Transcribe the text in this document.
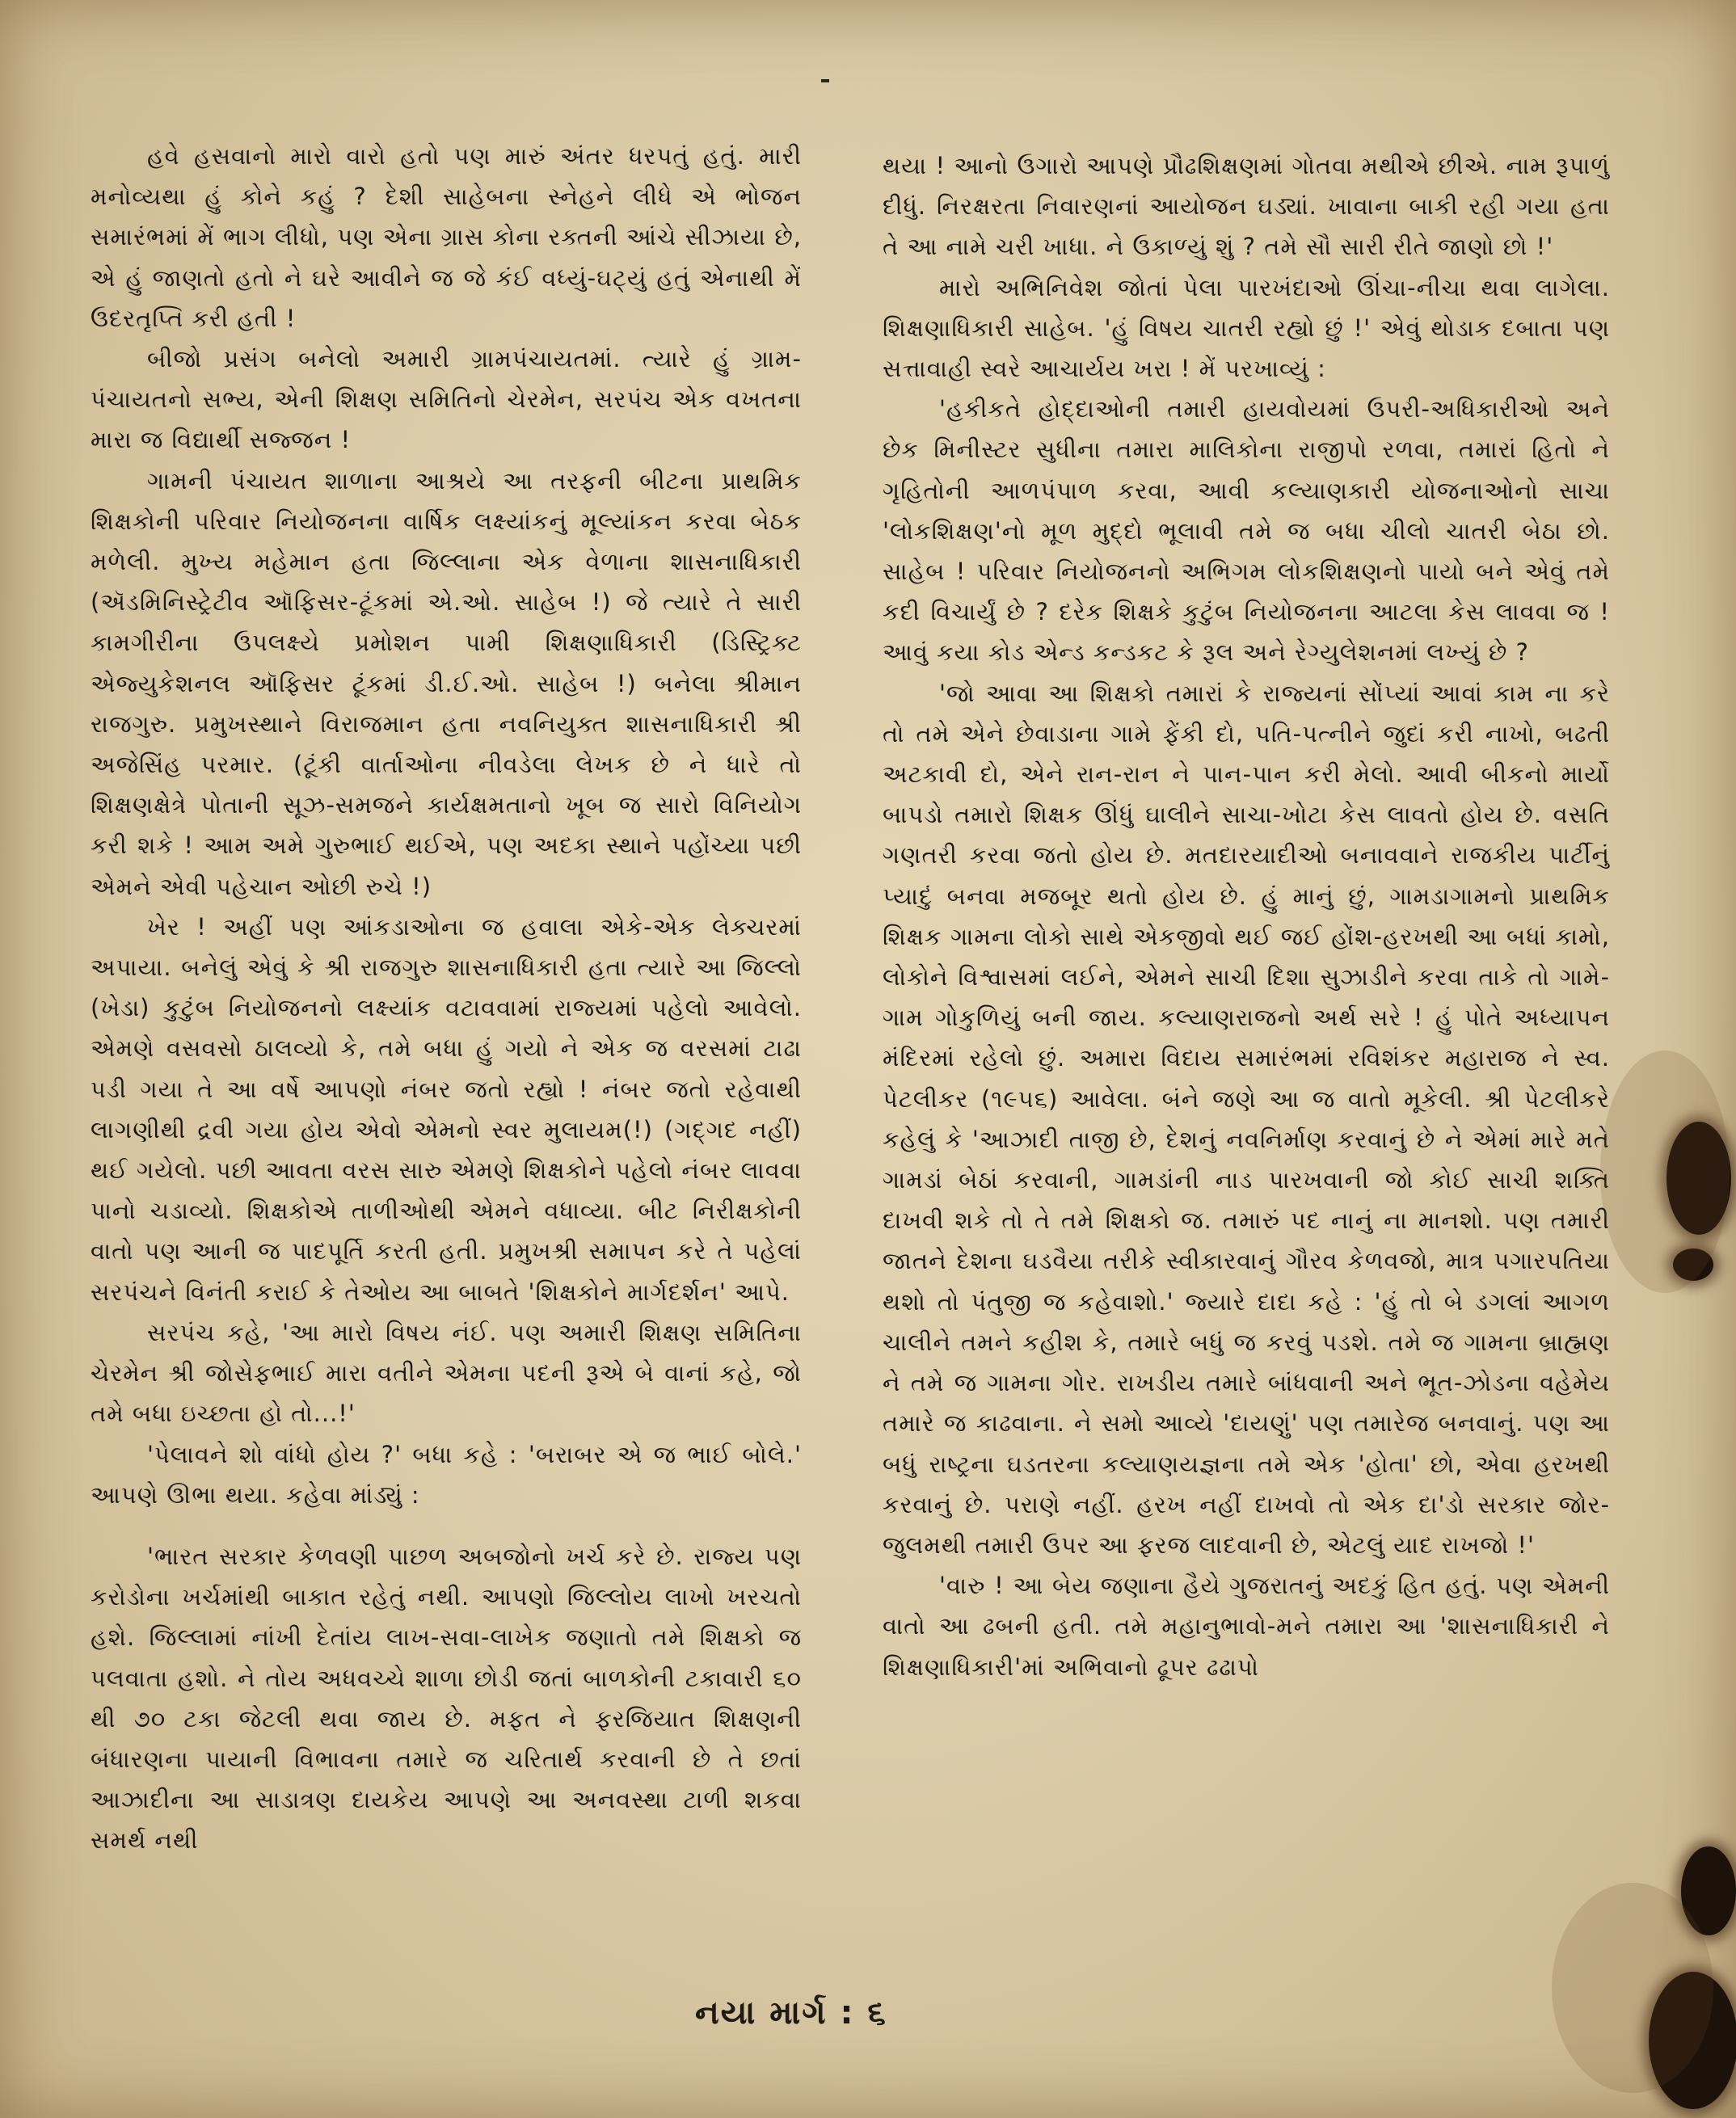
હવે હસવાનો મારો વારો હતો પણ મારું અંતર ધરપતું હતું. મારી મનોવ્યથા હું કોને કહું ? દેશી સાહેબના સ્નેહને લીધે એ ભોજન સમારંભમાં મેં ભાગ લીધો, પણ એના ગ્રાસ કોના રક્તની આંચે સીઝાયા છે, એ હું જાણતો હતો ને ઘરે આવીને જ જે કંઈ વધ્યું-ઘટ્યું હતું એનાથી મેં ઉદરતૃપ્તિ કરી હતી !

બીજો પ્રસંગ બનેલો અમારી ગ્રામપંચાયતમાં. ત્યારે હું ગ્રામ-પંચાયતનો સભ્ય, એની શિક્ષણ સમિતિનો ચેરમેન, સરપંચ એક વખતના મારા જ વિદ્યાર્થી સજ્જન !

ગામની પંચાયત શાળાના આશ્રયે આ તરફની બીટના પ્રાથમિક શિક્ષકોની પરિવાર નિયોજનના વાર્ષિક લક્ષ્યાંકનું મૂલ્યાંકન કરવા બેઠક મળેલી. મુખ્ય મહેમાન હતા જિલ્લાના એક વેળાના શાસનાધિકારી (ઍડમિનિસ્ટ્રેટીવ ઑફિસર-ટૂંકમાં એ.ઓ. સાહેબ !) જે ત્યારે તે સારી કામગીરીના ઉપલક્ષ્યે પ્રમોશન પામી શિક્ષણાધિકારી (ડિસ્ટ્રિક્ટ એજ્યુકેશનલ ઑફિસર ટૂંકમાં ડી.ઈ.ઓ. સાહેબ !) બનેલા શ્રીમાન રાજગુરુ. પ્રમુખસ્થાને વિરાજમાન હતા નવનિયુક્ત શાસનાધિકારી શ્રી અજેસિંહ પરમાર. (ટૂંકી વાર્તાઓના નીવડેલા લેખક છે ને ધારે તો શિક્ષણક્ષેત્રે પોતાની સૂઝ-સમજને કાર્યક્ષમતાનો ખૂબ જ સારો વિનિયોગ કરી શકે ! આમ અમે ગુરુભાઈ થઈએ, પણ અદકા સ્થાને પહોંચ્યા પછી એમને એવી પહેચાન ઓછી રુચે !)

ખેર ! અહીં પણ આંકડાઓના જ હવાલા એકે-એક લેક્ચરમાં અપાયા. બનેલું એવું કે શ્રી રાજગુરુ શાસનાધિકારી હતા ત્યારે આ જિલ્લો (ખેડા) કુટુંબ નિયોજનનો લક્ષ્યાંક વટાવવામાં રાજ્યમાં પહેલો આવેલો. એમણે વસવસો ઠાલવ્યો કે, તમે બધા હું ગયો ને એક જ વરસમાં ટાઢા પડી ગયા તે આ વર્ષે આપણો નંબર જતો રહ્યો ! નંબર જતો રહેવાથી લાગણીથી દ્રવી ગયા હોય એવો એમનો સ્વર મુલાયમ(!) (ગદ્ગદ નહીં) થઈ ગયેલો. પછી આવતા વરસ સારુ એમણે શિક્ષકોને પહેલો નંબર લાવવા પાનો ચડાવ્યો. શિક્ષકોએ તાળીઓથી એમને વધાવ્યા. બીટ નિરીક્ષકોની વાતો પણ આની જ પાદપૂર્તિ કરતી હતી. પ્રમુખશ્રી સમાપન કરે તે પહેલાં સરપંચને વિનંતી કરાઈ કે તેઓય આ બાબતે 'શિક્ષકોને માર્ગદર્શન' આપે.

સરપંચ કહે, 'આ મારો વિષય નંઈ. પણ અમારી શિક્ષણ સમિતિના ચેરમેન શ્રી જોસેફભાઈ મારા વતીને એમના પદની રૂએ બે વાનાં કહે, જો તમે બધા ઇચ્છતા હો તો...!'

'પેલાવને શો વાંધો હોય ?' બધા કહે : 'બરાબર એ જ ભાઈ બોલે.' આપણે ઊભા થયા. કહેવા માંડ્યું :

'ભારત સરકાર કેળવણી પાછળ અબજોનો ખર્ચ કરે છે. રાજ્ય પણ કરોડોના ખર્ચમાંથી બાકાત રહેતું નથી. આપણો જિલ્લોય લાખો ખરચતો હશે. જિલ્લામાં નાંખી દેતાંય લાખ-સવા-લાખેક જણાતો તમે શિક્ષકો જ પલવાતા હશો. ને તોય અધવચ્ચે શાળા છોડી જતાં બાળકોની ટકાવારી ૬૦ થી ૭૦ ટકા જેટલી થવા જાય છે. મફત ને ફરજિયાત શિક્ષણની બંધારણના પાયાની વિભાવના તમારે જ ચરિતાર્થ કરવાની છે તે છતાં આઝાદીના આ સાડાત્રણ દાયકેય આપણે આ અનવસ્થા ટાળી શકવા સમર્થ નથી

થયા ! આનો ઉગારો આપણે પ્રૌઢશિક્ષણમાં ગોતવા મથીએ છીએ. નામ રૂપાળું દીધું. નિરક્ષરતા નિવારણનાં આયોજન ઘડ્યાં. ખાવાના બાકી રહી ગયા હતા તે આ નામે ચરી ખાધા. ને ઉકાળ્યું શું ? તમે સૌ સારી રીતે જાણો છો !'

મારો અભિનિવેશ જોતાં પેલા પારખંદાઓ ઊંચા-નીચા થવા લાગેલા. શિક્ષણાધિકારી સાહેબ. 'હું વિષય ચાતરી રહ્યો છું !' એવું થોડાક દબાતા પણ સત્તાવાહી સ્વરે આચાર્યય ખરા ! મેં પરખાવ્યું :

'હકીકતે હોદ્દાઓની તમારી હાયવોયમાં ઉપરી-અધિકારીઓ અને છેક મિનીસ્ટર સુધીના તમારા માલિકોના રાજીપો રળવા, તમારાં હિતો ને ગૃહિતોની આળપંપાળ કરવા, આવી કલ્યાણકારી યોજનાઓનો સાચા 'લોકશિક્ષણ'નો મૂળ મુદ્દો ભૂલાવી તમે જ બધા ચીલો ચાતરી બેઠા છો. સાહેબ ! પરિવાર નિયોજનનો અભિગમ લોકશિક્ષણનો પાયો બને એવું તમે કદી વિચાર્યું છે ? દરેક શિક્ષકે કુટુંબ નિયોજનના આટલા કેસ લાવવા જ ! આવું કયા કોડ એન્ડ કન્ડકટ કે રૂલ અને રેગ્યુલેશનમાં લખ્યું છે ?

'જો આવા આ શિક્ષકો તમારાં કે રાજ્યનાં સોંપ્યાં આવાં કામ ના કરે તો તમે એને છેવાડાના ગામે ફેંકી દો, પતિ-પત્નીને જુદાં કરી નાખો, બઢતી અટકાવી દો, એને રાન-રાન ને પાન-પાન કરી મેલો. આવી બીકનો માર્યો બાપડો તમારો શિક્ષક ઊંધું ઘાલીને સાચા-ખોટા કેસ લાવતો હોય છે. વસતિ ગણતરી કરવા જતો હોય છે. મતદારયાદીઓ બનાવવાને રાજકીય પાર્ટીનું પ્યાદું બનવા મજબૂર થતો હોય છે. હું માનું છું, ગામડાગામનો પ્રાથમિક શિક્ષક ગામના લોકો સાથે એકજીવો થઈ જઈ હોંશ-હરખથી આ બધાં કામો, લોકોને વિશ્વાસમાં લઈને, એમને સાચી દિશા સુઝાડીને કરવા તાકે તો ગામે-ગામ ગોકુળિયું બની જાય. કલ્યાણરાજનો અર્થ સરે ! હું પોતે અધ્યાપન મંદિરમાં રહેલો છું. અમારા વિદાય સમારંભમાં રવિશંકર મહારાજ ને સ્વ. પેટલીકર (૧૯૫૬) આવેલા. બંને જણે આ જ વાતો મૂકેલી. શ્રી પેટલીકરે કહેલું કે 'આઝાદી તાજી છે, દેશનું નવનિર્માણ કરવાનું છે ને એમાં મારે મતે ગામડાં બેઠાં કરવાની, ગામડાંની નાડ પારખવાની જો કોઈ સાચી શક્તિ દાખવી શકે તો તે તમે શિક્ષકો જ. તમારું પદ નાનું ના માનશો. પણ તમારી જાતને દેશના ઘડવૈયા તરીકે સ્વીકારવાનું ગૌરવ કેળવજો, માત્ર પગારપતિયા થશો તો પંતુજી જ કહેવાશો.' જ્યારે દાદા કહે : 'હું તો બે ડગલાં આગળ ચાલીને તમને કહીશ કે, તમારે બધું જ કરવું પડશે. તમે જ ગામના બ્રાહ્મણ ને તમે જ ગામના ગોર. રાખડીય તમારે બાંધવાની અને ભૂત-ઝોડના વહેમેય તમારે જ કાઢવાના. ને સમો આવ્યે 'દાયણું' પણ તમારેજ બનવાનું. પણ આ બધું રાષ્ટ્રના ઘડતરના કલ્યાણયજ્ઞના તમે એક 'હોતા' છો, એવા હરખથી કરવાનું છે. પરાણે નહીં. હરખ નહીં દાખવો તો એક દા'ડો સરકાર જોર-જુલમથી તમારી ઉપર આ ફરજ લાદવાની છે, એટલું યાદ રાખજો !'

'વારુ ! આ બેય જણાના હૈયે ગુજરાતનું અદકું હિત હતું. પણ એમની વાતો આ ઢબની હતી. તમે મહાનુભાવો-મને તમારા આ 'શાસનાધિકારી ને શિક્ષણાધિકારી'માં અભિવાનો ઢૂપર ઢઢાપો

નયા માર્ગ : ૬
